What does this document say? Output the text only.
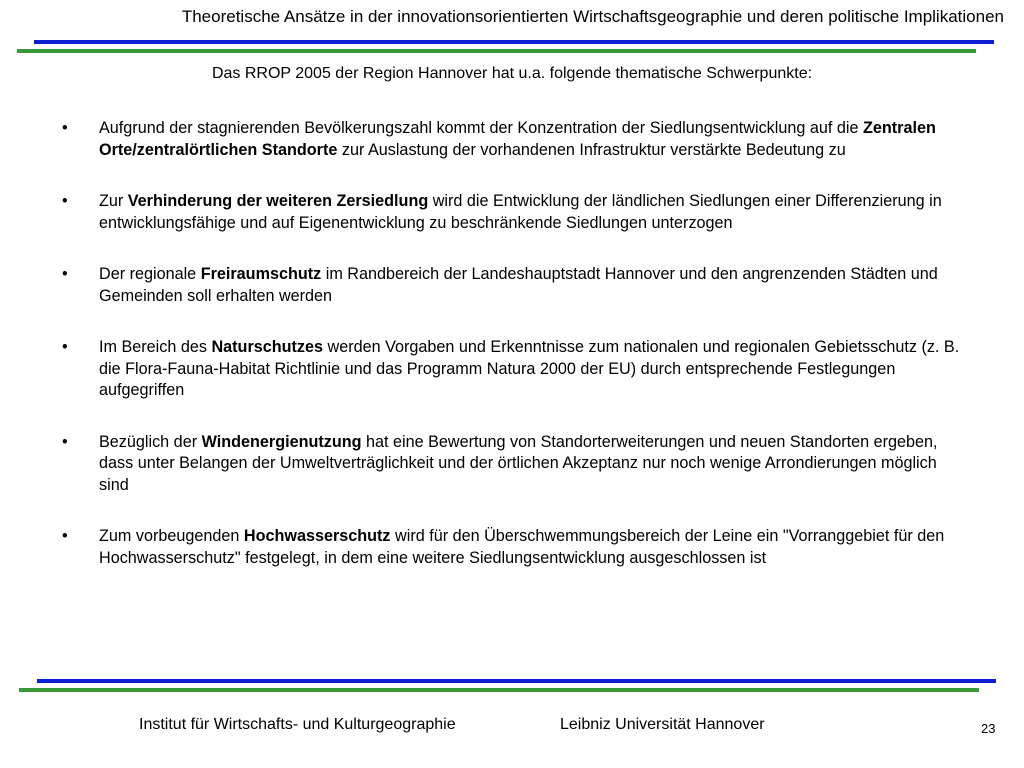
Theoretische Ansätze in der innovationsorientierten Wirtschaftsgeographie und deren politische Implikationen
Das RROP 2005 der Region Hannover hat u.a. folgende thematische Schwerpunkte:
• Aufgrund der stagnierenden Bevölkerungszahl kommt der Konzentration der Siedlungsentwicklung auf die Zentralen Orte/zentralörtlichen Standorte zur Auslastung der vorhandenen Infrastruktur verstärkte Bedeutung zu
• Zur Verhinderung der weiteren Zersiedlung wird die Entwicklung der ländlichen Siedlungen einer Differenzierung in entwicklungsfähige und auf Eigenentwicklung zu beschränkende Siedlungen unterzogen
• Der regionale Freiraumschutz im Randbereich der Landeshauptstadt Hannover und den angrenzenden Städten und Gemeinden soll erhalten werden
• Im Bereich des Naturschutzes werden Vorgaben und Erkenntnisse zum nationalen und regionalen Gebietsschutz (z. B. die Flora-Fauna-Habitat Richtlinie und das Programm Natura 2000 der EU) durch entsprechende Festlegungen aufgegriffen
• Bezüglich der Windenergienutzung hat eine Bewertung von Standorterweiterungen und neuen Standorten ergeben, dass unter Belangen der Umweltverträglichkeit und der örtlichen Akzeptanz nur noch wenige Arrondierungen möglich sind
• Zum vorbeugenden Hochwasserschutz wird für den Überschwemmungsbereich der Leine ein "Vorranggebiet für den Hochwasserschutz" festgelegt, in dem eine weitere Siedlungsentwicklung ausgeschlossen ist
Institut für Wirtschafts- und Kulturgeographie	Leibniz Universität Hannover	23
